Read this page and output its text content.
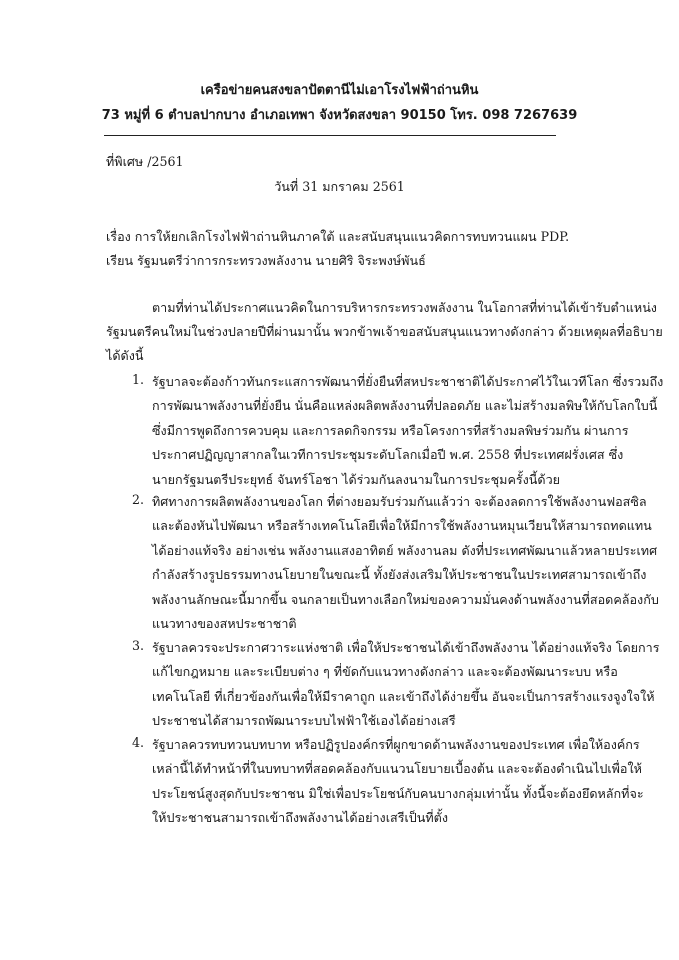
เครือข่ายคนสงขลาปัตตานีไม่เอาโรงไฟฟ้าถ่านหิน
73 หมู่ที่ 6 ตำบลปากบาง อำเภอเทพา จังหวัดสงขลา 90150 โทร. 098 7267639
ที่พิเศษ /2561
วันที่ 31 มกราคม 2561
เรื่อง การให้ยกเลิกโรงไฟฟ้าถ่านหินภาคใต้ และสนับสนุนแนวคิดการทบทวนแผน PDP.
เรียน รัฐมนตรีว่าการกระทรวงพลังงาน นายศิริ จิระพงษ์พันธ์
ตามที่ท่านได้ประกาศแนวคิดในการบริหารกระทรวงพลังงาน ในโอกาสที่ท่านได้เข้ารับตำแหน่ง
รัฐมนตรีคนใหม่ในช่วงปลายปีที่ผ่านมานั้น พวกข้าพเจ้าขอสนับสนุนแนวทางดังกล่าว ด้วยเหตุผลที่อธิบาย
ได้ดังนี้
1. รัฐบาลจะต้องก้าวทันกระแสการพัฒนาที่ยั่งยืนที่สหประชาชาติได้ประกาศไว้ในเวทีโลก ซึ่งรวมถึง
การพัฒนาพลังงานที่ยั่งยืน นั่นคือแหล่งผลิตพลังงานที่ปลอดภัย และไม่สร้างมลพิษให้กับโลกใบนี้
ซึ่งมีการพูดถึงการควบคุม และการลดกิจกรรม หรือโครงการที่สร้างมลพิษร่วมกัน ผ่านการ
ประกาศปฏิญญาสากลในเวทีการประชุมระดับโลกเมื่อปี พ.ศ. 2558 ที่ประเทศฝรั่งเศส ซึ่ง
นายกรัฐมนตรีประยุทธ์ จันทร์โอชา ได้ร่วมกันลงนามในการประชุมครั้งนี้ด้วย
2. ทิศทางการผลิตพลังงานของโลก ที่ต่างยอมรับร่วมกันแล้วว่า จะต้องลดการใช้พลังงานฟอสซิล
และต้องหันไปพัฒนา หรือสร้างเทคโนโลยีเพื่อให้มีการใช้พลังงานหมุนเวียนให้สามารถทดแทน
ได้อย่างแท้จริง อย่างเช่น พลังงานแสงอาทิตย์ พลังงานลม ดังที่ประเทศพัฒนาแล้วหลายประเทศ
กำลังสร้างรูปธรรมทางนโยบายในขณะนี้ ทั้งยังส่งเสริมให้ประชาชนในประเทศสามารถเข้าถึง
พลังงานลักษณะนี้มากขึ้น จนกลายเป็นทางเลือกใหม่ของความมั่นคงด้านพลังงานที่สอดคล้องกับ
แนวทางของสหประชาชาติ
3. รัฐบาลควรจะประกาศวาระแห่งชาติ เพื่อให้ประชาชนได้เข้าถึงพลังงาน ได้อย่างแท้จริง โดยการ
แก้ไขกฎหมาย และระเบียบต่าง ๆ ที่ขัดกับแนวทางดังกล่าว และจะต้องพัฒนาระบบ หรือ
เทคโนโลยี ที่เกี่ยวข้องกันเพื่อให้มีราคาถูก และเข้าถึงได้ง่ายขึ้น อันจะเป็นการสร้างแรงจูงใจให้
ประชาชนได้สามารถพัฒนาระบบไฟฟ้าใช้เองได้อย่างเสรี
4. รัฐบาลควรทบทวนบทบาท หรือปฏิรูปองค์กรที่ผูกขาดด้านพลังงานของประเทศ เพื่อให้องค์กร
เหล่านี้ได้ทำหน้าที่ในบทบาทที่สอดคล้องกับแนวนโยบายเบื้องต้น และจะต้องดำเนินไปเพื่อให้
ประโยชน์สูงสุดกับประชาชน มิใช่เพื่อประโยชน์กับคนบางกลุ่มเท่านั้น ทั้งนี้จะต้องยึดหลักที่จะ
ให้ประชาชนสามารถเข้าถึงพลังงานได้อย่างเสรีเป็นที่ตั้ง
